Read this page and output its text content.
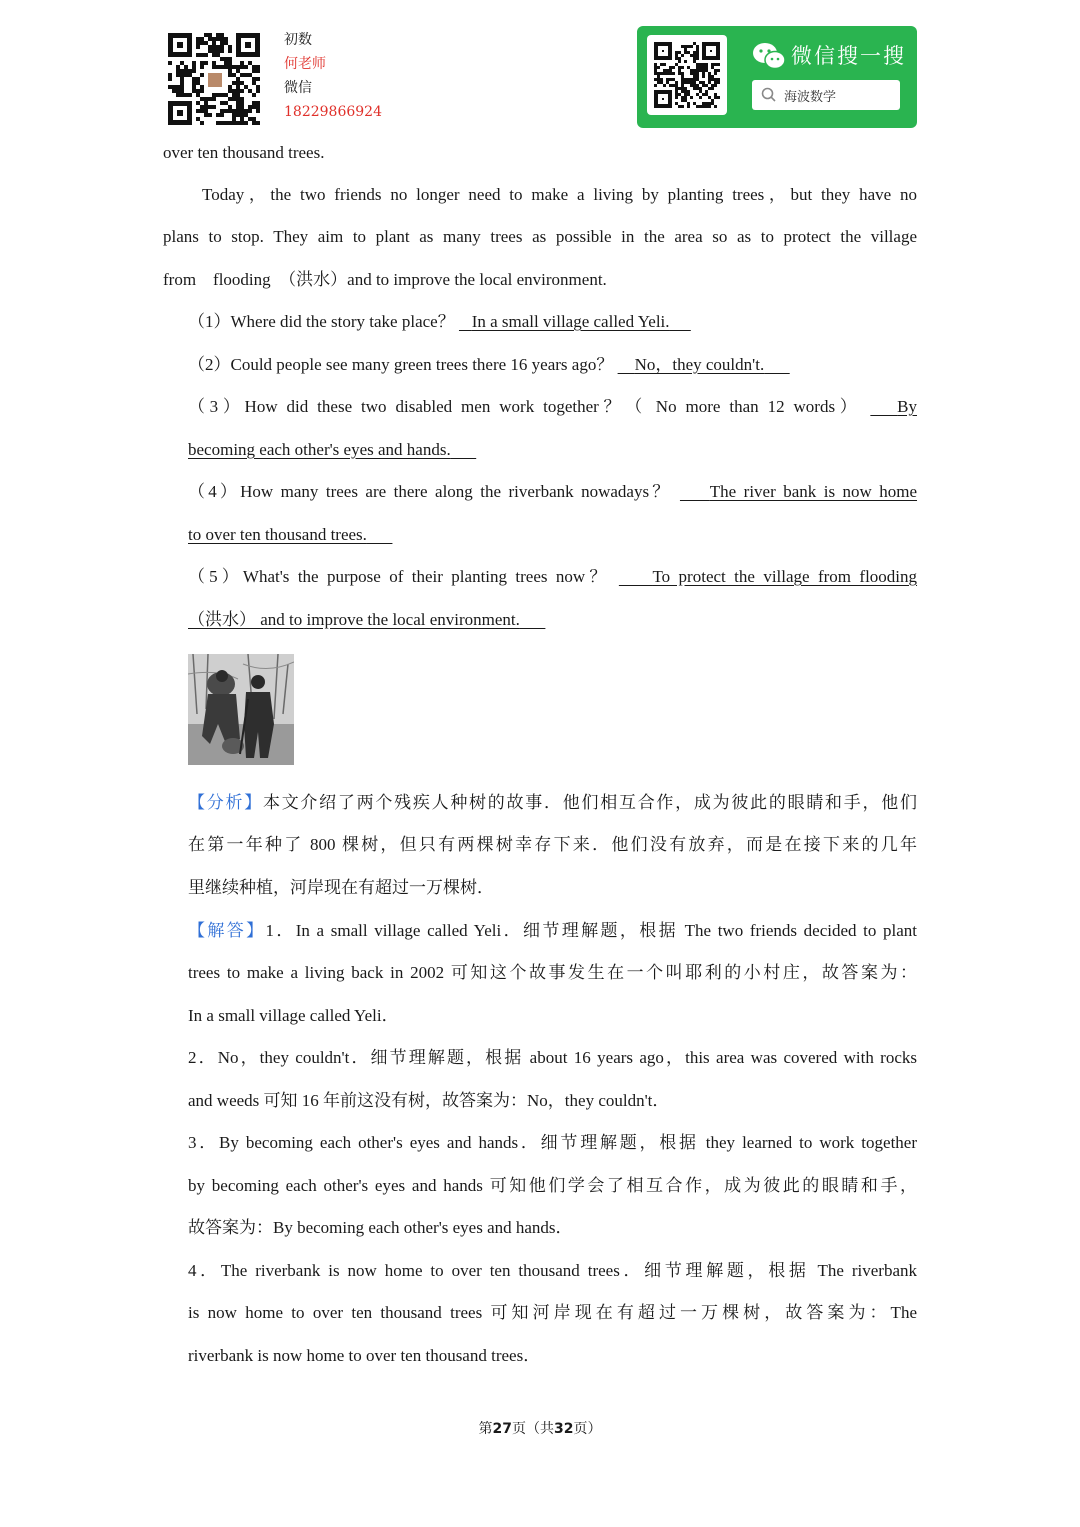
初数
何老师
微信
18229866924
微信搜一搜
海波数学
over ten thousand trees.
Today，the two friends no longer need to make a living by planting trees，but they have no
plans to stop. They aim to plant as many trees as possible in the area so as to protect the village
from    flooding  （洪水）and to improve the local environment.
（1）Where did the story take place？ In a small village called Yeli.
（2）Could people see many green trees there 16 years ago？ No，they couldn't.
（3）How did these two disabled men work together？（ No more than 12 words）    By
becoming each other's eyes and hands.
（4）How many trees are there along the riverbank nowadays？ The river bank is now home
to over ten thousand trees.
（5）What's the purpose of their planting trees now？ To protect the village from flooding
（洪水） and to improve the local environment.
【分析】本文介绍了两个残疾人种树的故事．他们相互合作，成为彼此的眼睛和手，他们
在第一年种了 800 棵树，但只有两棵树幸存下来．他们没有放弃，而是在接下来的几年
里继续种植，河岸现在有超过一万棵树．
【解答】1．In a small village called Yeli．细节理解题，根据 The two friends decided to plant
trees to make a living back in 2002 可知这个故事发生在一个叫耶利的小村庄，故答案为：
In a small village called Yeli．
2．No，they couldn't．细节理解题，根据 about 16 years ago，this area was covered with rocks
and weeds 可知 16 年前这没有树，故答案为：No，they couldn't．
3．By becoming each other's eyes and hands．细节理解题，根据 they learned to work together
by becoming each other's eyes and hands 可知他们学会了相互合作，成为彼此的眼睛和手，
故答案为：By becoming each other's eyes and hands．
4．The riverbank is now home to over ten thousand trees．细节理解题，根据 The riverbank
is now home to over ten thousand trees 可知河岸现在有超过一万棵树，故答案为：The
riverbank is now home to over ten thousand trees．
第27页（共32页）
